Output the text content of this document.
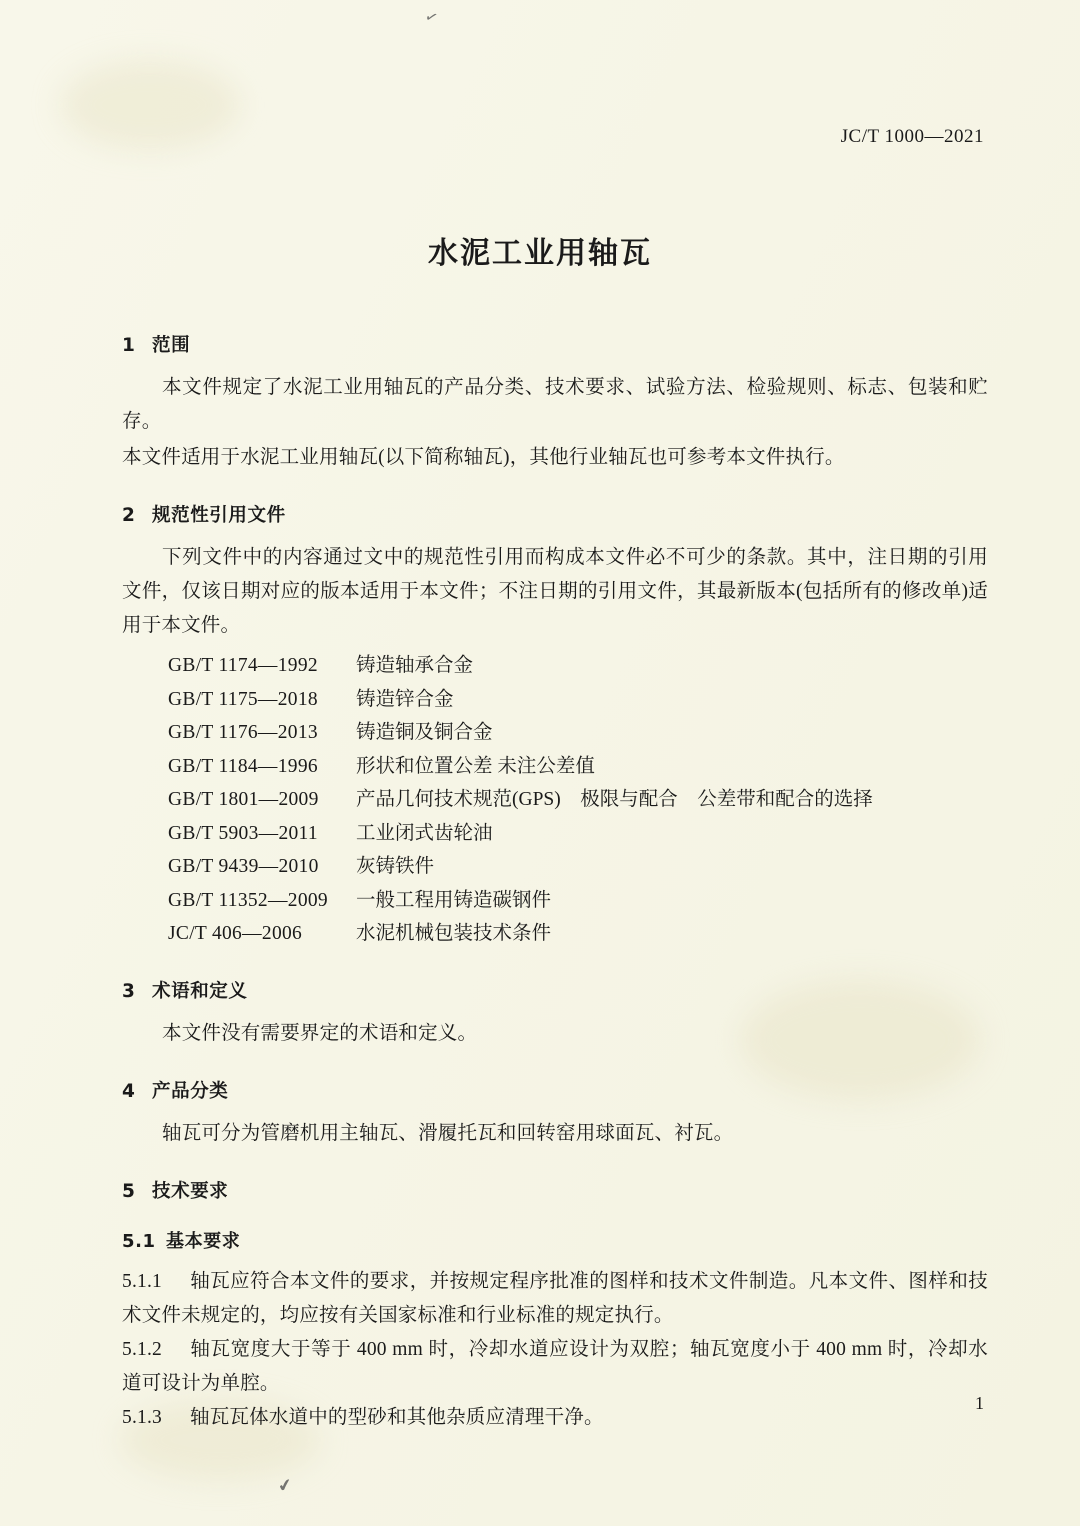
✓
JC/T 1000—2021
水泥工业用轴瓦
1 范围

本文件规定了水泥工业用轴瓦的产品分类、技术要求、试验方法、检验规则、标志、包装和贮存。

本文件适用于水泥工业用轴瓦(以下简称轴瓦)，其他行业轴瓦也可参考本文件执行。

2 规范性引用文件

下列文件中的内容通过文中的规范性引用而构成本文件必不可少的条款。其中，注日期的引用文件，仅该日期对应的版本适用于本文件；不注日期的引用文件，其最新版本(包括所有的修改单)适用于本文件。

GB/T 1174—1992 铸造轴承合金
GB/T 1175—2018 铸造锌合金
GB/T 1176—2013 铸造铜及铜合金
GB/T 1184—1996 形状和位置公差 未注公差值
GB/T 1801—2009 产品几何技术规范(GPS)　极限与配合　公差带和配合的选择
GB/T 5903—2011 工业闭式齿轮油
GB/T 9439—2010 灰铸铁件
GB/T 11352—2009 一般工程用铸造碳钢件
JC/T 406—2006	水泥机械包装技术条件
3 术语和定义

本文件没有需要界定的术语和定义。

4 产品分类

轴瓦可分为管磨机用主轴瓦、滑履托瓦和回转窑用球面瓦、衬瓦。

5 技术要求
5.1 基本要求

5.1.1 轴瓦应符合本文件的要求，并按规定程序批准的图样和技术文件制造。凡本文件、图样和技术文件未规定的，均应按有关国家标准和行业标准的规定执行。

5.1.2 轴瓦宽度大于等于 400 mm 时，冷却水道应设计为双腔；轴瓦宽度小于 400 mm 时，冷却水道可设计为单腔。

5.1.3 轴瓦瓦体水道中的型砂和其他杂质应清理干净。

1
✔
